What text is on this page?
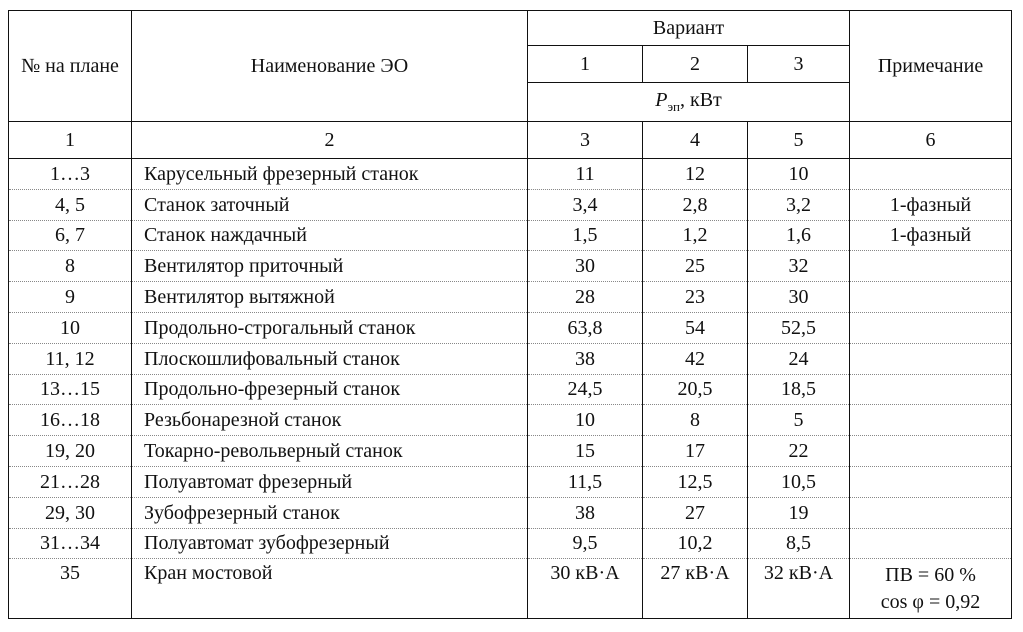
№ на плане	Наименование ЭО	Вариант			Примечание
		1	2	3	
		$P_{эп}$, кВт			
1	2	3	4	5	6
1…3	Карусельный фрезерный станок	11	12	10	
4, 5	Станок заточный	3,4	2,8	3,2	1-фазный
6, 7	Станок наждачный	1,5	1,2	1,6	1-фазный
8	Вентилятор приточный	30	25	32	
9	Вентилятор вытяжной	28	23	30	
10	Продольно-строгальный станок	63,8	54	52,5	
11, 12	Плоскошлифовальный станок	38	42	24	
13…15	Продольно-фрезерный станок	24,5	20,5	18,5	
16…18	Резьбонарезной станок	10	8	5	
19, 20	Токарно-револьверный станок	15	17	22	
21…28	Полуавтомат фрезерный	11,5	12,5	10,5	
29, 30	Зубофрезерный станок	38	27	19	
31…34	Полуавтомат зубофрезерный	9,5	10,2	8,5	
35	Кран мостовой	30 кВ·А	27 кВ·А	32 кВ·А	ПВ = 60 %
cos φ = 0,92
